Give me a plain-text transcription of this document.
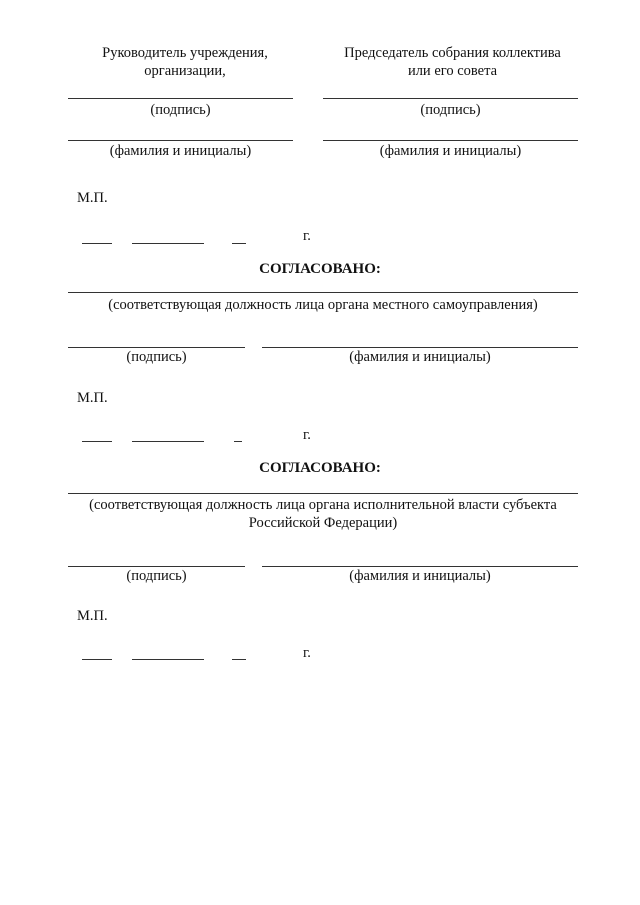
Руководитель учреждения,
организации,
Председатель собрания коллектива
или его совета
(подпись)	(подпись)
(фамилия и инициалы)	(фамилия и инициалы)
М.П.
г.
СОГЛАСОВАНО:
(соответствующая должность лица органа местного самоуправления)
(подпись)	(фамилия и инициалы)
М.П.
г.
СОГЛАСОВАНО:
(соответствующая должность лица органа исполнительной власти субъекта
Российской Федерации)
(подпись)	(фамилия и инициалы)
М.П.
г.
